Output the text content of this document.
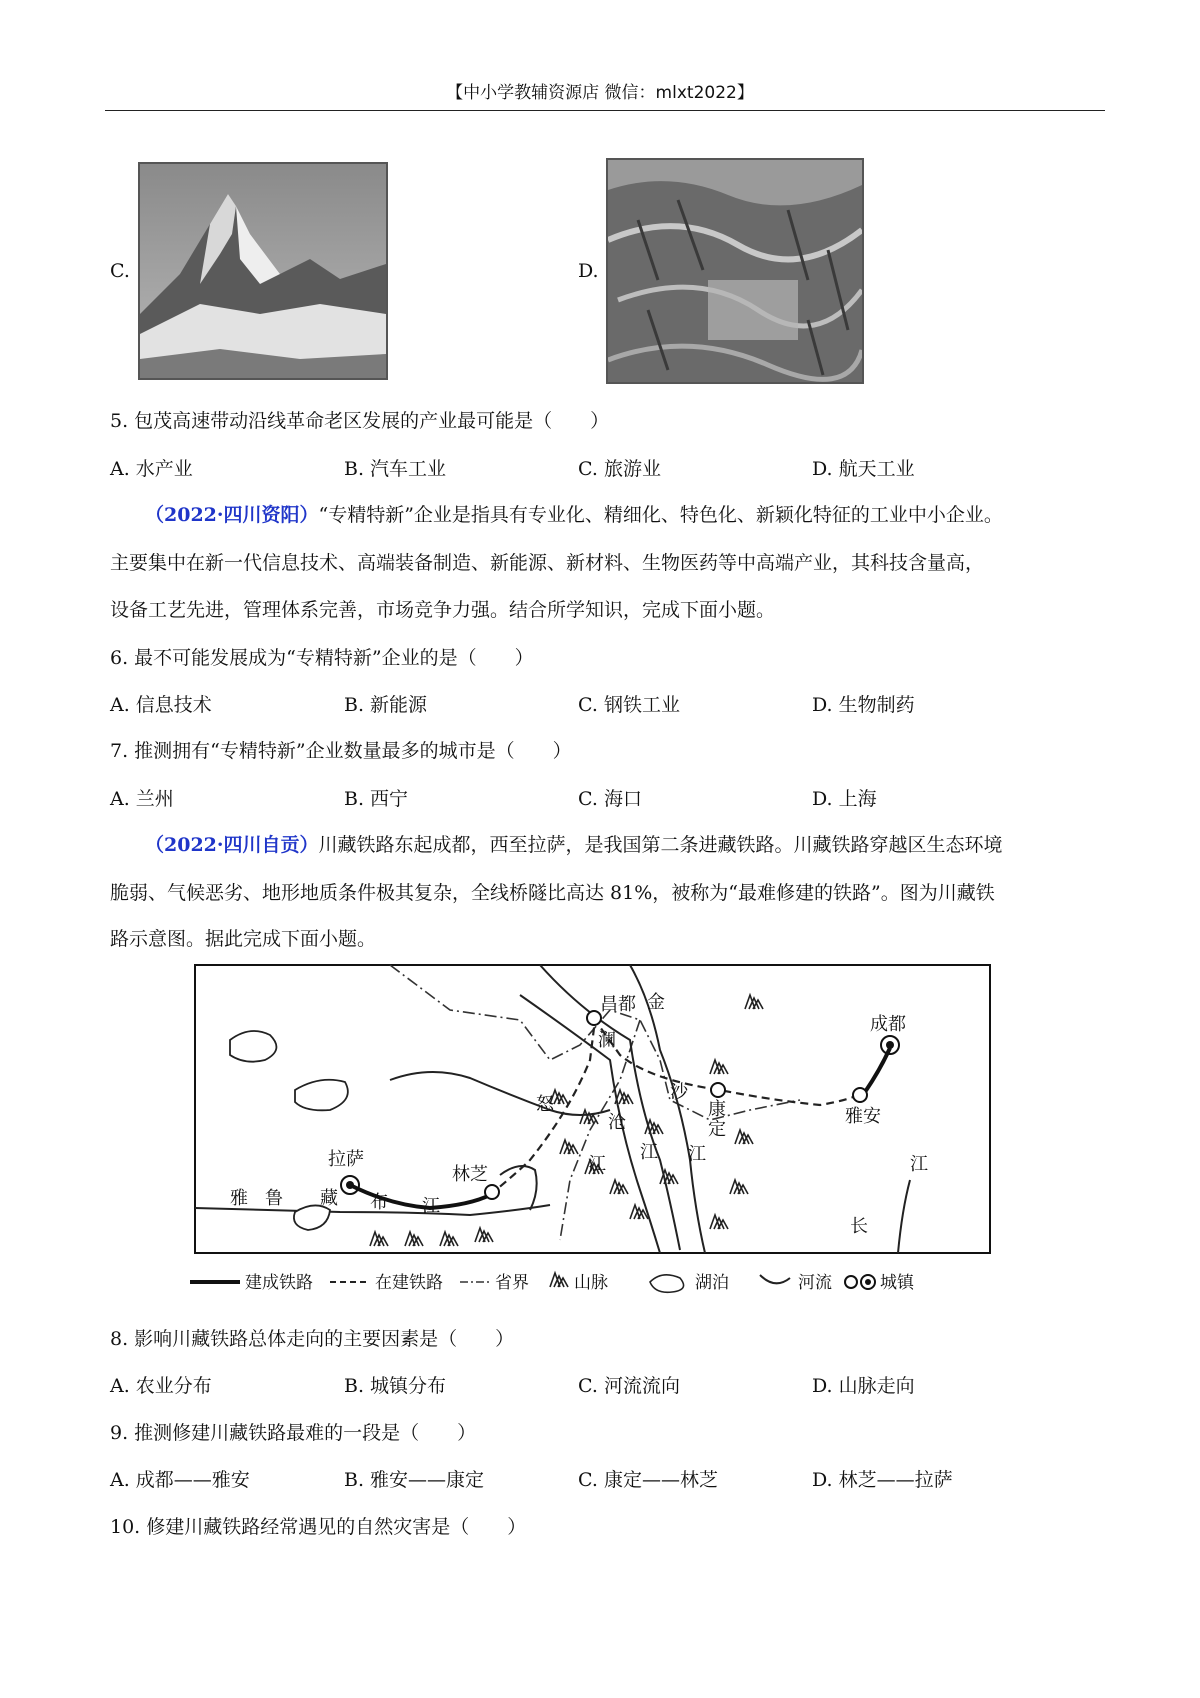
【中小学教辅资源店 微信：mlxt2022】
C.	D.
5. 包茂高速带动沿线革命老区发展的产业最可能是（　　）
A. 水产业	B. 汽车工业	C. 旅游业	D. 航天工业
（2022·四川资阳）“专精特新”企业是指具有专业化、精细化、特色化、新颖化特征的工业中小企业。
主要集中在新一代信息技术、高端装备制造、新能源、新材料、生物医药等中高端产业，其科技含量高，
设备工艺先进，管理体系完善，市场竞争力强。结合所学知识，完成下面小题。
6. 最不可能发展成为“专精特新”企业的是（　　）
A. 信息技术	B. 新能源	C. 钢铁工业	D. 生物制药
7. 推测拥有“专精特新”企业数量最多的城市是（　　）
A. 兰州	B. 西宁	C. 海口	D. 上海
（2022·四川自贡）川藏铁路东起成都，西至拉萨，是我国第二条进藏铁路。川藏铁路穿越区生态环境
脆弱、气候恶劣、地形地质条件极其复杂，全线桥隧比高达 81%，被称为“最难修建的铁路”。图为川藏铁
路示意图。据此完成下面小题。
成都
雅安
康
定
昌都
林芝
拉萨
金
沙
江
澜
沧
江
怒
江
雅 鲁 藏 布 江
长
江
建成铁路	在建铁路	省界	山脉	湖泊	河流	城镇
8. 影响川藏铁路总体走向的主要因素是（　　）
A. 农业分布	B. 城镇分布	C. 河流流向	D. 山脉走向
9. 推测修建川藏铁路最难的一段是（　　）
A. 成都——雅安	B. 雅安——康定	C. 康定——林芝	D. 林芝——拉萨
10. 修建川藏铁路经常遇见的自然灾害是（　　）
